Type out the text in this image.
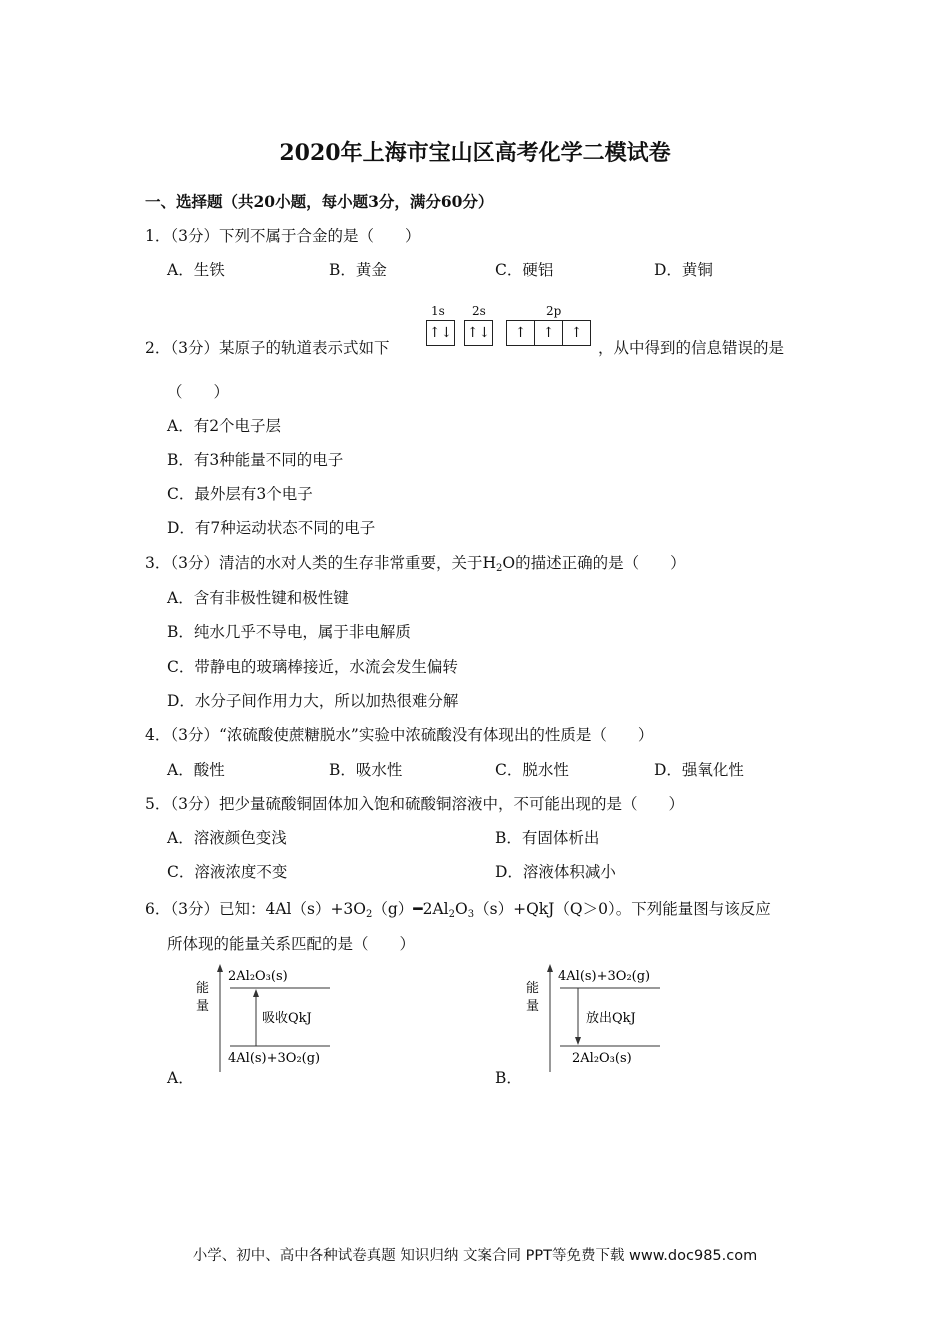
2020年上海市宝山区高考化学二模试卷
一、选择题（共20小题，每小题3分，满分60分）
1．（3分）下列不属于合金的是（　　）
A．生铁	B．黄金	C．硬铝	D．黄铜
2．（3分）某原子的轨道表示式如下
1s 2s	2p
↑↓ ↑↓	↑	↑	↑
，从中得到的信息错误的是
（　　）
A．有2个电子层
B．有3种能量不同的电子
C．最外层有3个电子
D．有7种运动状态不同的电子
3．（3分）清洁的水对人类的生存非常重要，关于$H_2O$的描述正确的是（　　）
A．含有非极性键和极性键
B．纯水几乎不导电，属于非电解质
C．带静电的玻璃棒接近，水流会发生偏转
D．水分子间作用力大，所以加热很难分解
4．（3分）“浓硫酸使蔗糖脱水”实验中浓硫酸没有体现出的性质是（　　）
A．酸性	B．吸水性	C．脱水性	D．强氧化性
5．（3分）把少量硫酸铜固体加入饱和硫酸铜溶液中，不可能出现的是（　　）
A．溶液颜色变浅	B．有固体析出
C．溶液浓度不变	D．溶液体积减小
6．（3分）已知：$4Al(s)+3O_2(g)━2Al_2O_3(s)+QkJ(Q>0)$。下列能量图与该反应
所体现的能量关系匹配的是（　　）
A．
能
量
2Al₂O₃(s)
吸收QkJ
4Al(s)+3O₂(g)
B．
能
量
4Al(s)+3O₂(g)
放出QkJ
2Al₂O₃(s)
小学、初中、高中各种试卷真题 知识归纳 文案合同 PPT等免费下载 www.doc985.com
